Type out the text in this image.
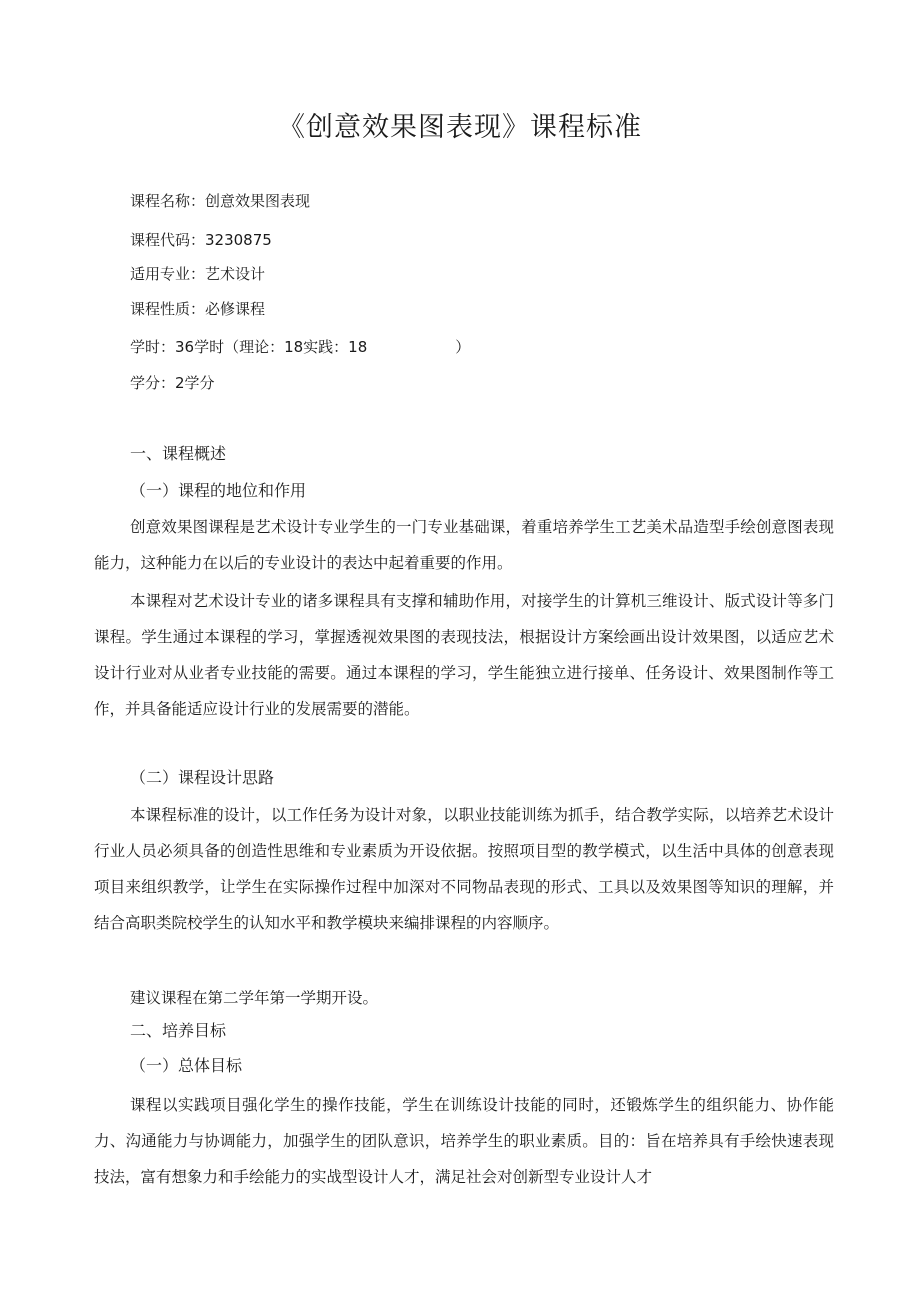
《创意效果图表现》课程标准
课程名称：创意效果图表现
课程代码：3230875
适用专业：艺术设计
课程性质：必修课程
学时：36学时（理论：18实践：18	）
学分：2学分
一、课程概述
（一）课程的地位和作用

创意效果图课程是艺术设计专业学生的一门专业基础课，着重培养学生工艺美术品造型手绘创意图表现能力，这种能力在以后的专业设计的表达中起着重要的作用。

本课程对艺术设计专业的诸多课程具有支撑和辅助作用，对接学生的计算机三维设计、版式设计等多门课程。学生通过本课程的学习，掌握透视效果图的表现技法，根据设计方案绘画出设计效果图，以适应艺术设计行业对从业者专业技能的需要。通过本课程的学习，学生能独立进行接单、任务设计、效果图制作等工作，并具备能适应设计行业的发展需要的潜能。

（二）课程设计思路

本课程标准的设计，以工作任务为设计对象，以职业技能训练为抓手，结合教学实际，以培养艺术设计行业人员必须具备的创造性思维和专业素质为开设依据。按照项目型的教学模式，以生活中具体的创意表现项目来组织教学，让学生在实际操作过程中加深对不同物品表现的形式、工具以及效果图等知识的理解，并结合高职类院校学生的认知水平和教学模块来编排课程的内容顺序。

建议课程在第二学年第一学期开设。

二、培养目标
（一）总体目标

课程以实践项目强化学生的操作技能，学生在训练设计技能的同时，还锻炼学生的组织能力、协作能力、沟通能力与协调能力，加强学生的团队意识，培养学生的职业素质。目的：旨在培养具有手绘快速表现技法，富有想象力和手绘能力的实战型设计人才，满足社会对创新型专业设计人才
